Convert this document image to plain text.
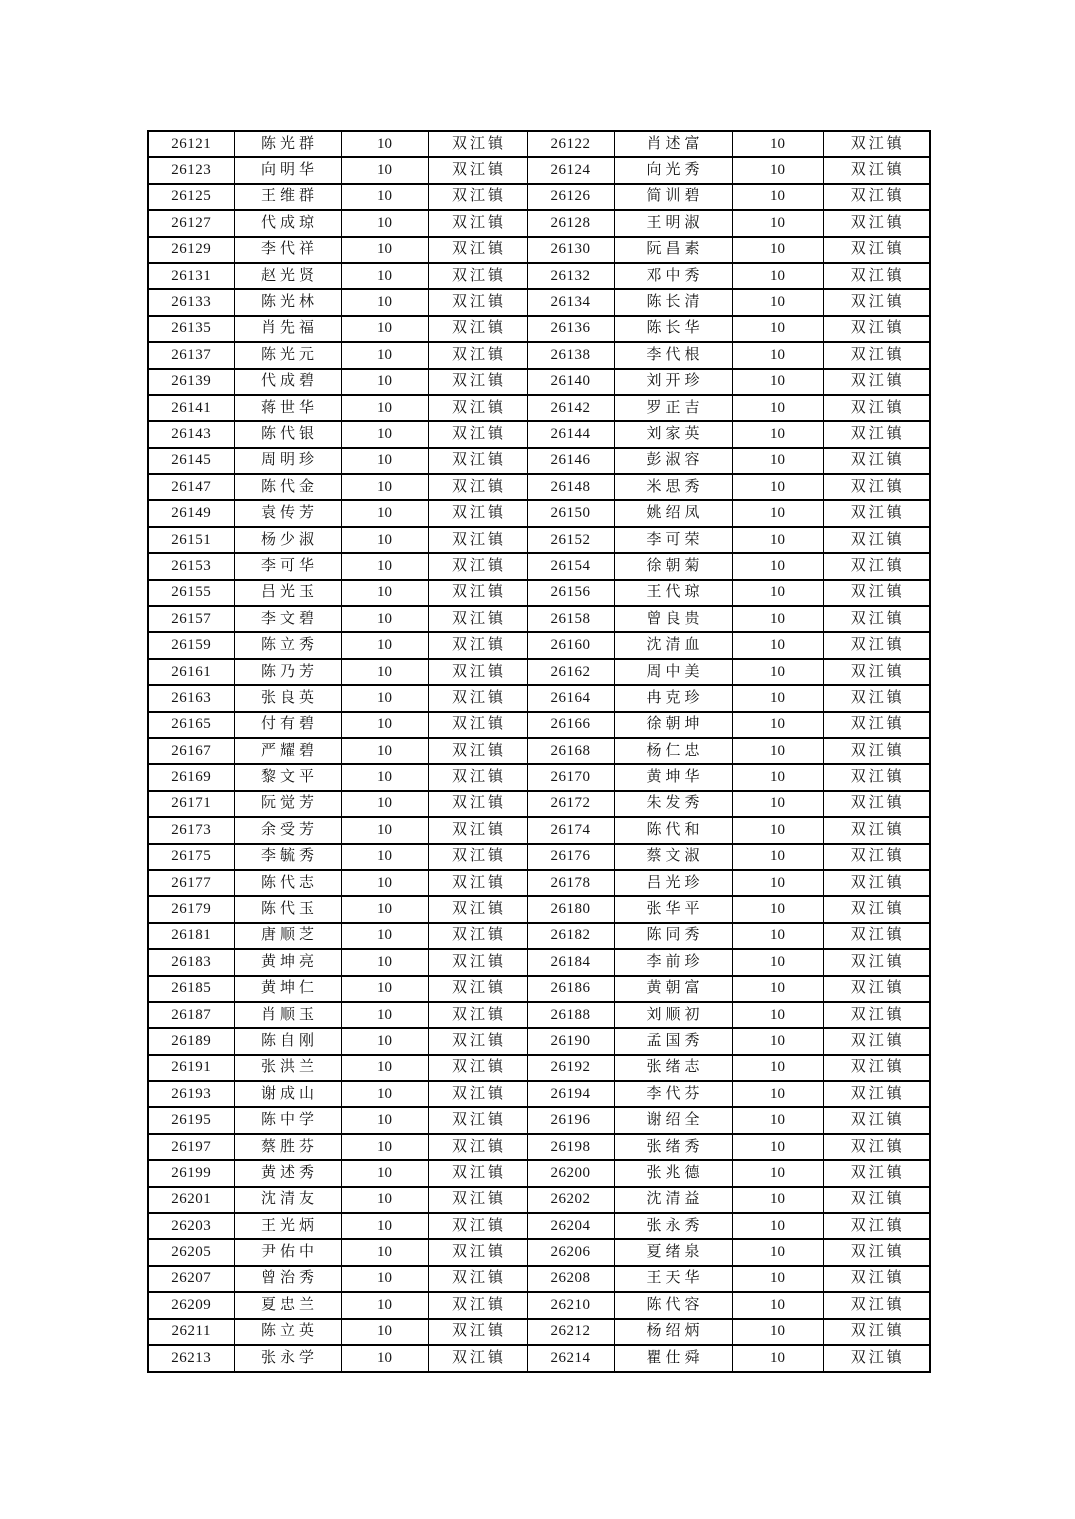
26121	陈光群	10	双江镇	26122	肖述富	10	双江镇
26123	向明华	10	双江镇	26124	向光秀	10	双江镇
26125	王维群	10	双江镇	26126	简训碧	10	双江镇
26127	代成琼	10	双江镇	26128	王明淑	10	双江镇
26129	李代祥	10	双江镇	26130	阮昌素	10	双江镇
26131	赵光贤	10	双江镇	26132	邓中秀	10	双江镇
26133	陈光林	10	双江镇	26134	陈长清	10	双江镇
26135	肖先福	10	双江镇	26136	陈长华	10	双江镇
26137	陈光元	10	双江镇	26138	李代根	10	双江镇
26139	代成碧	10	双江镇	26140	刘开珍	10	双江镇
26141	蒋世华	10	双江镇	26142	罗正吉	10	双江镇
26143	陈代银	10	双江镇	26144	刘家英	10	双江镇
26145	周明珍	10	双江镇	26146	彭淑容	10	双江镇
26147	陈代金	10	双江镇	26148	米思秀	10	双江镇
26149	袁传芳	10	双江镇	26150	姚绍凤	10	双江镇
26151	杨少淑	10	双江镇	26152	李可荣	10	双江镇
26153	李可华	10	双江镇	26154	徐朝菊	10	双江镇
26155	吕光玉	10	双江镇	26156	王代琼	10	双江镇
26157	李文碧	10	双江镇	26158	曾良贵	10	双江镇
26159	陈立秀	10	双江镇	26160	沈清血	10	双江镇
26161	陈乃芳	10	双江镇	26162	周中美	10	双江镇
26163	张良英	10	双江镇	26164	冉克珍	10	双江镇
26165	付有碧	10	双江镇	26166	徐朝坤	10	双江镇
26167	严耀碧	10	双江镇	26168	杨仁忠	10	双江镇
26169	黎文平	10	双江镇	26170	黄坤华	10	双江镇
26171	阮觉芳	10	双江镇	26172	朱发秀	10	双江镇
26173	余受芳	10	双江镇	26174	陈代和	10	双江镇
26175	李毓秀	10	双江镇	26176	蔡文淑	10	双江镇
26177	陈代志	10	双江镇	26178	吕光珍	10	双江镇
26179	陈代玉	10	双江镇	26180	张华平	10	双江镇
26181	唐顺芝	10	双江镇	26182	陈同秀	10	双江镇
26183	黄坤亮	10	双江镇	26184	李前珍	10	双江镇
26185	黄坤仁	10	双江镇	26186	黄朝富	10	双江镇
26187	肖顺玉	10	双江镇	26188	刘顺初	10	双江镇
26189	陈自刚	10	双江镇	26190	孟国秀	10	双江镇
26191	张洪兰	10	双江镇	26192	张绪志	10	双江镇
26193	谢成山	10	双江镇	26194	李代芬	10	双江镇
26195	陈中学	10	双江镇	26196	谢绍全	10	双江镇
26197	蔡胜芬	10	双江镇	26198	张绪秀	10	双江镇
26199	黄述秀	10	双江镇	26200	张兆德	10	双江镇
26201	沈清友	10	双江镇	26202	沈清益	10	双江镇
26203	王光炳	10	双江镇	26204	张永秀	10	双江镇
26205	尹佑中	10	双江镇	26206	夏绪泉	10	双江镇
26207	曾治秀	10	双江镇	26208	王天华	10	双江镇
26209	夏忠兰	10	双江镇	26210	陈代容	10	双江镇
26211	陈立英	10	双江镇	26212	杨绍炳	10	双江镇
26213	张永学	10	双江镇	26214	瞿仕舜	10	双江镇
